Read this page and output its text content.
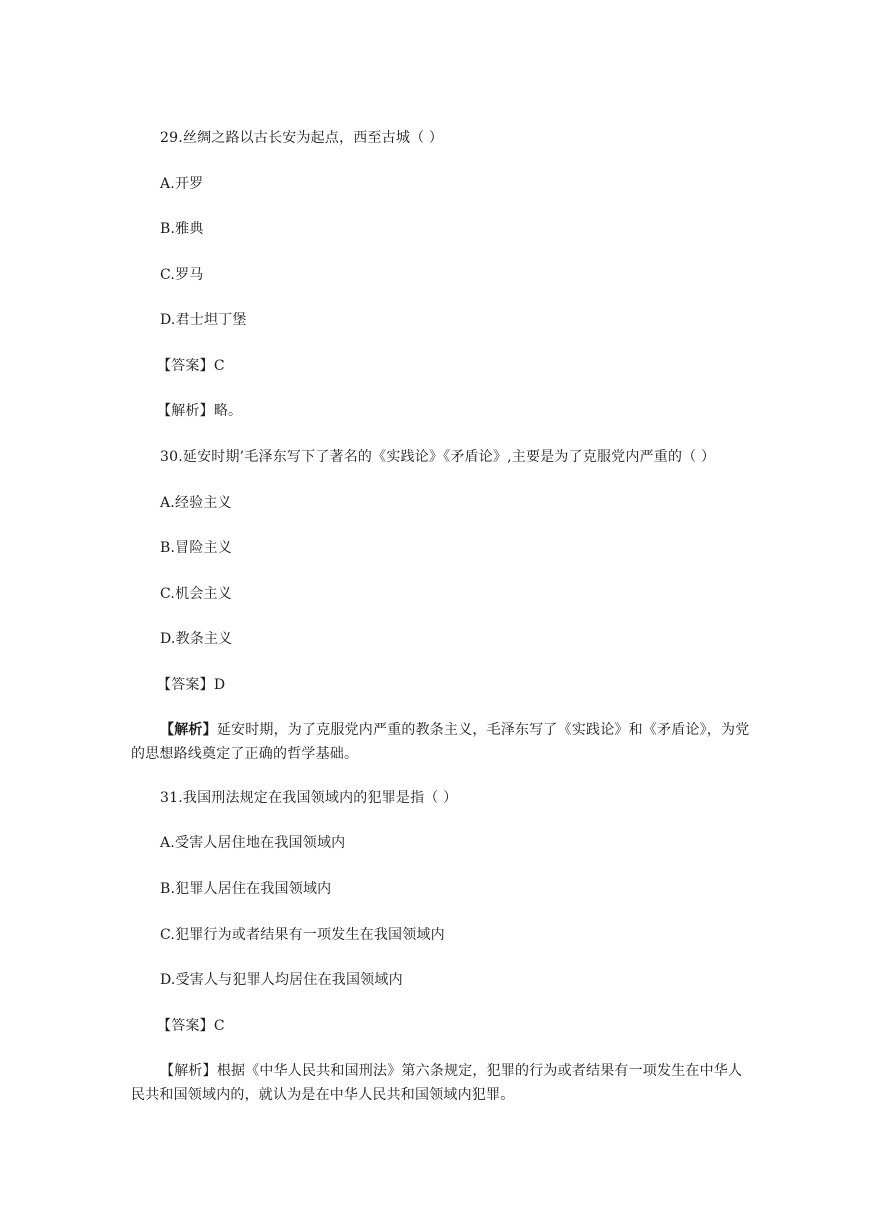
29.丝绸之路以古长安为起点，西至古城（ ）
A.开罗
B.雅典
C.罗马
D.君士坦丁堡
【答案】C
【解析】略。
30.延安时期’毛泽东写下了著名的《实践论》《矛盾论》,主要是为了克服党内严重的（ ）
A.经验主义
B.冒险主义
C.机会主义
D.教条主义
【答案】D
【解析】延安时期，为了克服党内严重的教条主义，毛泽东写了《实践论》和《矛盾论》，为党的思想路线奠定了正确的哲学基础。
31.我国刑法规定在我国领域内的犯罪是指（ ）
A.受害人居住地在我国领域内
B.犯罪人居住在我国领域内
C.犯罪行为或者结果有一项发生在我国领域内
D.受害人与犯罪人均居住在我国领域内
【答案】C
【解析】根据《中华人民共和国刑法》第六条规定，犯罪的行为或者结果有一项发生在中华人民共和国领域内的，就认为是在中华人民共和国领域内犯罪。
